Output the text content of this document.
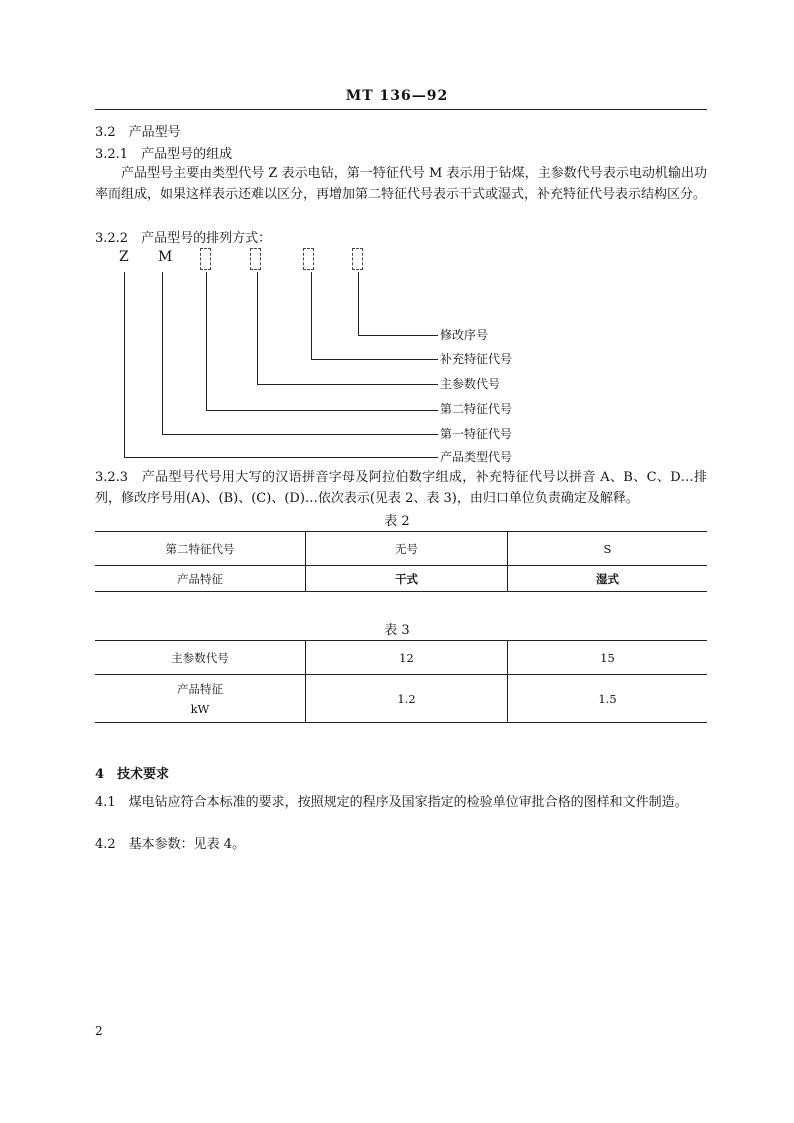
MT 136—92
3.2　产品型号
3.2.1　产品型号的组成
产品型号主要由类型代号 Z 表示电钻，第一特征代号 M 表示用于钻煤，主参数代号表示电动机输出功率而组成，如果这样表示还难以区分，再增加第二特征代号表示干式或湿式，补充特征代号表示结构区分。
3.2.2　产品型号的排列方式：
Z M
修改序号
补充特征代号
主参数代号
第二特征代号
第一特征代号
产品类型代号
3.2.3　产品型号代号用大写的汉语拼音字母及阿拉伯数字组成，补充特征代号以拼音 A、B、C、D…排列，修改序号用(A)、(B)、(C)、(D)…依次表示(见表 2、表 3)，由归口单位负责确定及解释。
表 2
第二特征代号	无号	S
产品特征	干式	湿式
表 3
主参数代号	12	15

产品特征
kW	1.2	1.5
4　技术要求
4.1　煤电钻应符合本标准的要求，按照规定的程序及国家指定的检验单位审批合格的图样和文件制造。
4.2　基本参数：见表 4。
2
